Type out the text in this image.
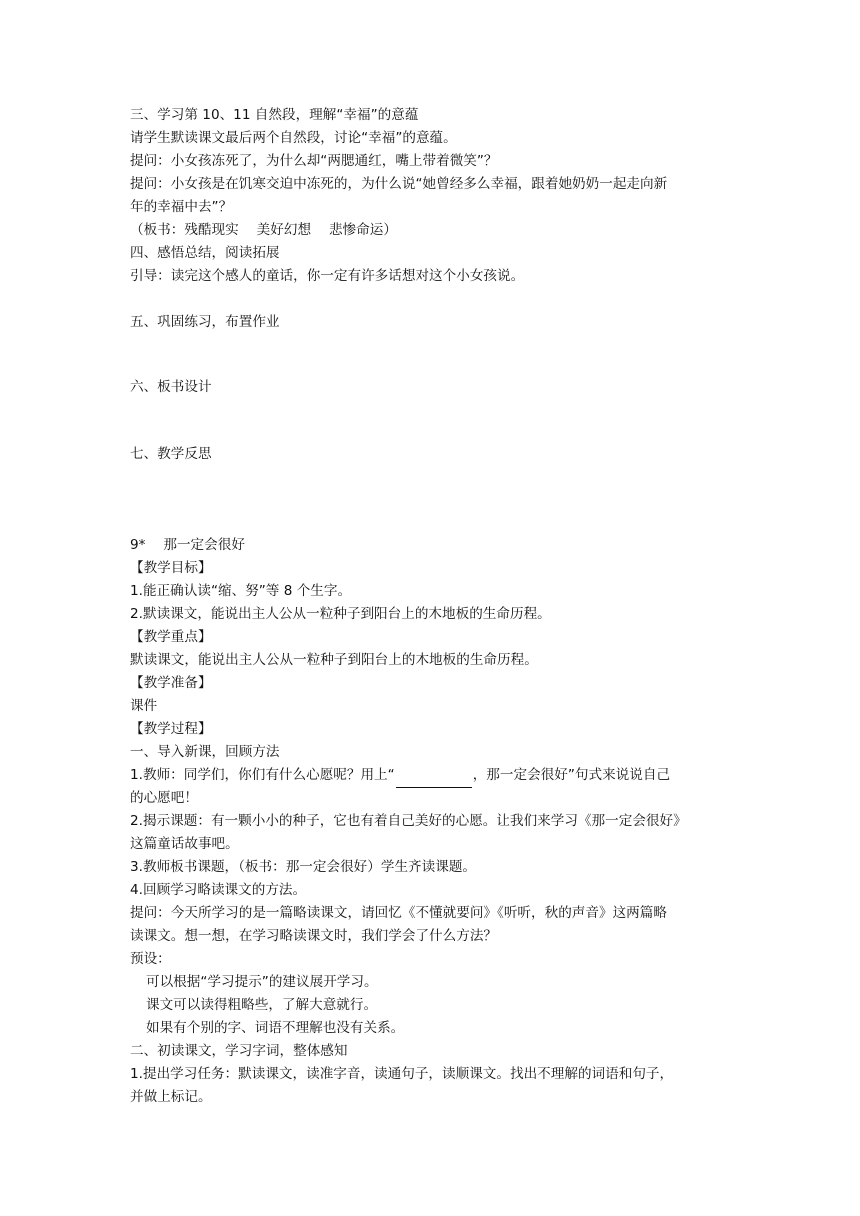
三、学习第 10、11 自然段，理解“幸福”的意蕴
请学生默读课文最后两个自然段，讨论“幸福”的意蕴。
提问：小女孩冻死了，为什么却“两腮通红，嘴上带着微笑”？
提问：小女孩是在饥寒交迫中冻死的，为什么说“她曾经多么幸福，跟着她奶奶一起走向新
年的幸福中去”？
（板书：残酷现实　 美好幻想　 悲惨命运）
四、感悟总结，阅读拓展
引导：读完这个感人的童话，你一定有许多话想对这个小女孩说。
五、巩固练习，布置作业
六、板书设计
七、教学反思
9*　 那一定会很好
【教学目标】
1.能正确认读“缩、努”等 8 个生字。
2.默读课文，能说出主人公从一粒种子到阳台上的木地板的生命历程。
【教学重点】
默读课文，能说出主人公从一粒种子到阳台上的木地板的生命历程。
【教学准备】
课件
【教学过程】
一、导入新课，回顾方法
1.教师：同学们，你们有什么心愿呢？用上“	，那一定会很好”句式来说说自己
的心愿吧！
2.揭示课题：有一颗小小的种子，它也有着自己美好的心愿。让我们来学习《那一定会很好》
这篇童话故事吧。
3.教师板书课题，（板书：那一定会很好）学生齐读课题。
4.回顾学习略读课文的方法。
提问：今天所学习的是一篇略读课文，请回忆《不懂就要问》《听听，秋的声音》这两篇略
读课文。想一想，在学习略读课文时，我们学会了什么方法？
预设：
可以根据“学习提示”的建议展开学习。
课文可以读得粗略些，了解大意就行。
如果有个别的字、词语不理解也没有关系。
二、初读课文，学习字词，整体感知
1.提出学习任务：默读课文，读准字音，读通句子，读顺课文。找出不理解的词语和句子，
并做上标记。
